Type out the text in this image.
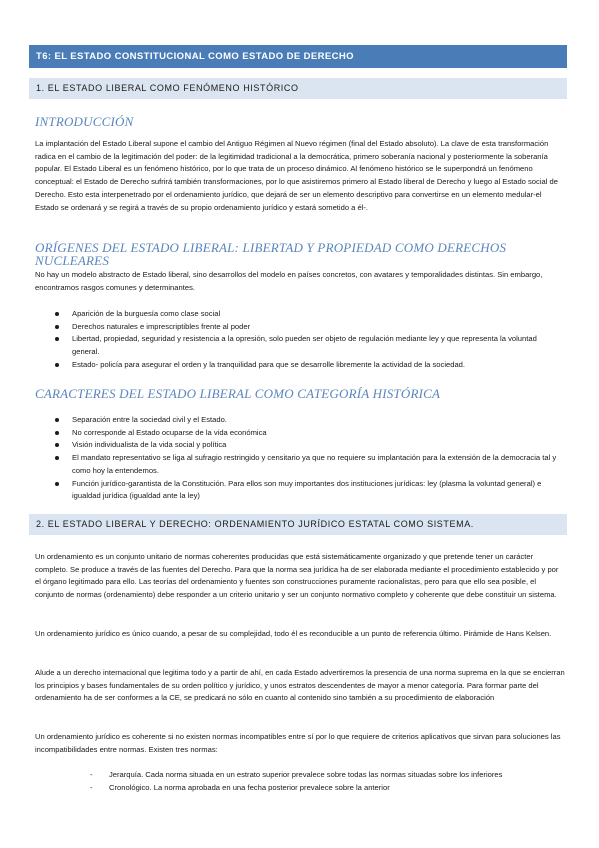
T6: EL ESTADO CONSTITUCIONAL COMO ESTADO DE DERECHO
1. EL ESTADO LIBERAL COMO FENÓMENO HISTÓRICO
INTRODUCCIÓN

La implantación del Estado Liberal supone el cambio del Antiguo Régimen al Nuevo régimen (final del Estado absoluto). La clave de esta transformación radica en el cambio de la legitimación del poder: de la legitimidad tradicional a la democrática, primero soberanía nacional y posteriormente la soberanía popular. El Estado Liberal es un fenómeno histórico, por lo que trata de un proceso dinámico. Al fenómeno histórico se le superpondrá un fenómeno conceptual: el Estado de Derecho sufrirá también transformaciones, por lo que asistiremos primero al Estado liberal de Derecho y luego al Estado social de Derecho. Esto esta interpenetrado por el ordenamiento jurídico, que dejará de ser un elemento descriptivo para convertirse en un elemento medular-el Estado se ordenará y se regirá a través de su propio ordenamiento jurídico y estará sometido a él-.

ORÍGENES DEL ESTADO LIBERAL: LIBERTAD Y PROPIEDAD COMO DERECHOS NUCLEARES

No hay un modelo abstracto de Estado liberal, sino desarrollos del modelo en países concretos, con avatares y temporalidades distintas. Sin embargo, encontramos rasgos comunes y determinantes.

Aparición de la burguesía como clase social
Derechos naturales e imprescriptibles frente al poder
Libertad, propiedad, seguridad y resistencia a la opresión, solo pueden ser objeto de regulación mediante ley y que representa la voluntad general.
Estado- policía para asegurar el orden y la tranquilidad para que se desarrolle libremente la actividad de la sociedad.
CARACTERES DEL ESTADO LIBERAL COMO CATEGORÍA HISTÓRICA
Separación entre la sociedad civil y el Estado.
No corresponde al Estado ocuparse de la vida económica
Visión individualista de la vida social y política
El mandato representativo se liga al sufragio restringido y censitario ya que no requiere su implantación para la extensión de la democracia tal y como hoy la entendemos.
Función jurídico-garantista de la Constitución. Para ellos son muy importantes dos instituciones jurídicas: ley (plasma la voluntad general) e igualdad jurídica (igualdad ante la ley)
2. EL ESTADO LIBERAL Y DERECHO: ORDENAMIENTO JURÍDICO ESTATAL COMO SISTEMA.

Un ordenamiento es un conjunto unitario de normas coherentes producidas que está sistemáticamente organizado y que pretende tener un carácter completo. Se produce a través de las fuentes del Derecho. Para que la norma sea jurídica ha de ser elaborada mediante el procedimiento establecido y por el órgano legitimado para ello. Las teorías del ordenamiento y fuentes son construcciones puramente racionalistas, pero para que ello sea posible, el conjunto de normas (ordenamiento) debe responder a un criterio unitario y ser un conjunto normativo completo y coherente que debe constituir un sistema.

Un ordenamiento jurídico es único cuando, a pesar de su complejidad, todo él es reconducible a un punto de referencia último. Pirámide de Hans Kelsen.

Alude a un derecho internacional que legitima todo y a partir de ahí, en cada Estado advertiremos la presencia de una norma suprema en la que se encierran los principios y bases fundamentales de su orden político y jurídico, y unos estratos descendentes de mayor a menor categoría. Para formar parte del ordenamiento ha de ser conformes a la CE, se predicará no sólo en cuanto al contenido sino también a su procedimiento de elaboración

Un ordenamiento jurídico es coherente si no existen normas incompatibles entre sí por lo que requiere de criterios aplicativos que sirvan para soluciones las incompatibilidades entre normas. Existen tres normas:

- Jerarquía. Cada norma situada en un estrato superior prevalece sobre todas las normas situadas sobre los inferiores
- Cronológico. La norma aprobada en una fecha posterior prevalece sobre la anterior
